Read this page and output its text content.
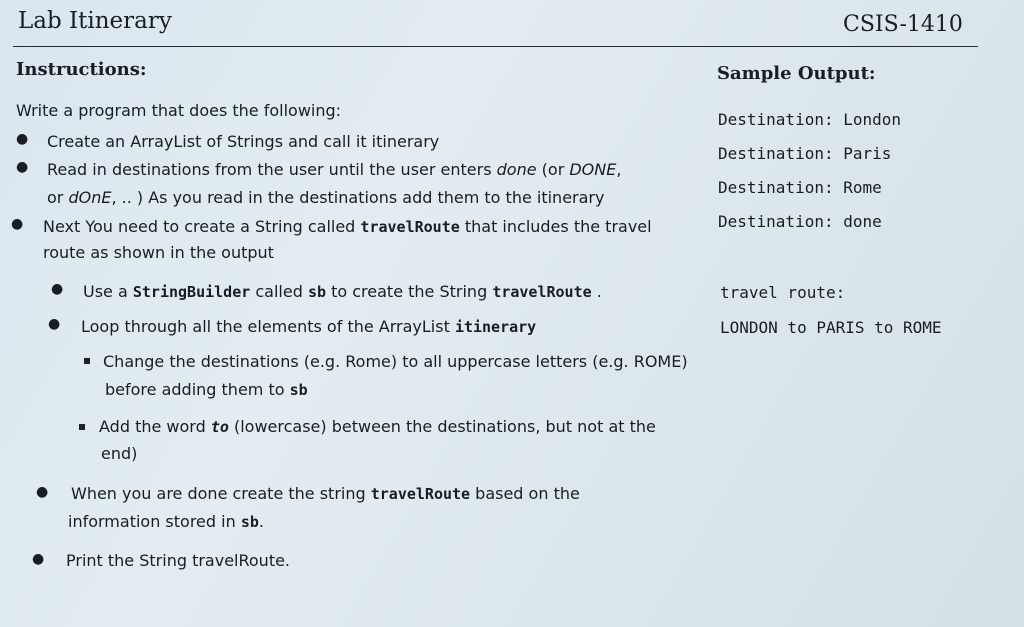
Lab Itinerary	CSIS-1410
Instructions:
Write a program that does the following:
● Create an ArrayList of Strings and call it itinerary
● Read in destinations from the user until the user enters done (or DONE,
or dOnE, .. ) As you read in the destinations add them to the itinerary
● Next You need to create a String called travelRoute that includes the travel
route as shown in the output
● Use a StringBuilder called sb to create the String travelRoute .
● Loop through all the elements of the ArrayList itinerary
Change the destinations (e.g. Rome) to all uppercase letters (e.g. ROME)
before adding them to sb
Add the word to (lowercase) between the destinations, but not at the
end)
● When you are done create the string travelRoute based on the
information stored in sb.
● Print the String travelRoute.
Sample Output:
Destination: London
Destination: Paris
Destination: Rome
Destination: done
travel route:
LONDON to PARIS to ROME
